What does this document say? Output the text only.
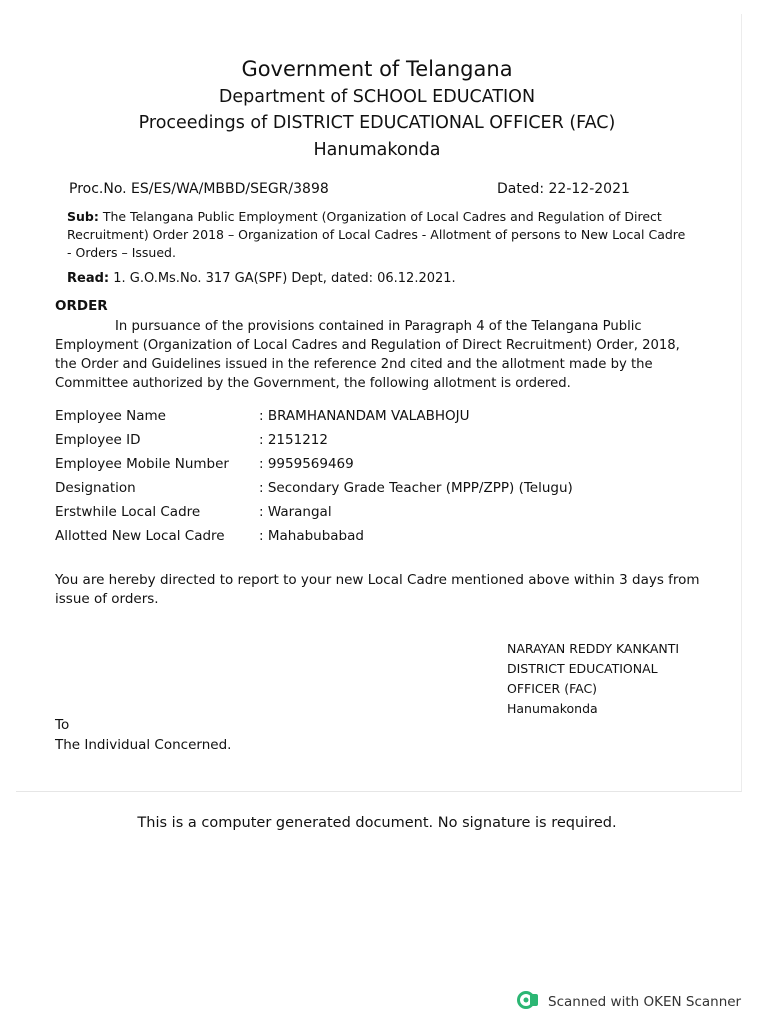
Government of Telangana
Department of SCHOOL EDUCATION
Proceedings of DISTRICT EDUCATIONAL OFFICER (FAC)
Hanumakonda
Proc.No. ES/ES/WA/MBBD/SEGR/3898	Dated: 22-12-2021
Sub: The Telangana Public Employment (Organization of Local Cadres and Regulation of Direct Recruitment) Order 2018 – Organization of Local Cadres - Allotment of persons to New Local Cadre - Orders – Issued.
Read: 1. G.O.Ms.No. 317 GA(SPF) Dept, dated: 06.12.2021.
ORDER
In pursuance of the provisions contained in Paragraph 4 of the Telangana Public Employment (Organization of Local Cadres and Regulation of Direct Recruitment) Order, 2018, the Order and Guidelines issued in the reference 2nd cited and the allotment made by the Committee authorized by the Government, the following allotment is ordered.
Employee Name	: BRAMHANANDAM VALABHOJU
Employee ID	: 2151212
Employee Mobile Number : 9959569469
Designation	: Secondary Grade Teacher (MPP/ZPP) (Telugu)
Erstwhile Local Cadre	: Warangal
Allotted New Local Cadre	: Mahabubabad
You are hereby directed to report to your new Local Cadre mentioned above within 3 days from issue of orders.
NARAYAN REDDY KANKANTI
DISTRICT EDUCATIONAL
OFFICER (FAC)
Hanumakonda
To
The Individual Concerned.
This is a computer generated document. No signature is required.
Scanned with OKEN Scanner
